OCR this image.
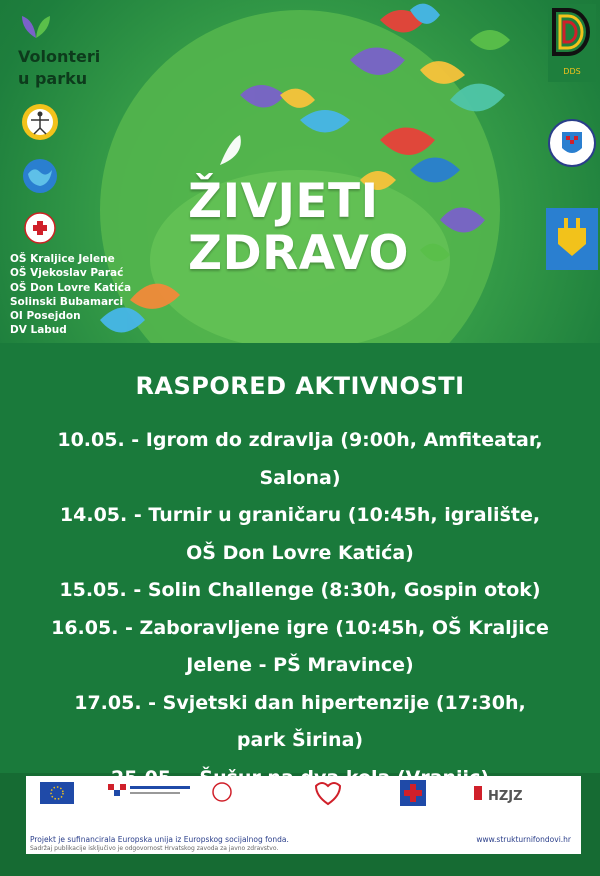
Volonteri
u parku	DDS
ŽIVJETI
ZDRAVO
OŠ Kraljice Jelene
OŠ Vjekoslav Parać
OŠ Don Lovre Katića
Solinski Bubamarci
OI Posejdon
DV Labud
RASPORED AKTIVNOSTI
10.05. - Igrom do zdravlja (9:00h, Amfiteatar,
Salona)
14.05. - Turnir u graničaru (10:45h, igralište,
OŠ Don Lovre Katića)
15.05. - Solin Challenge (8:30h, Gospin otok)
16.05. - Zaboravljene igre (10:45h, OŠ Kraljice
Jelene - PŠ Mravince)
17.05. - Svjetski dan hipertenzije (17:30h,
park Širina)
HZJZ
Projekt je sufinancirala Europska unija iz Europskog socijalnog fonda.	www.strukturnifondovi.hr
Sadržaj publikacije isključivo je odgovornost Hrvatskog zavoda za javno zdravstvo.
